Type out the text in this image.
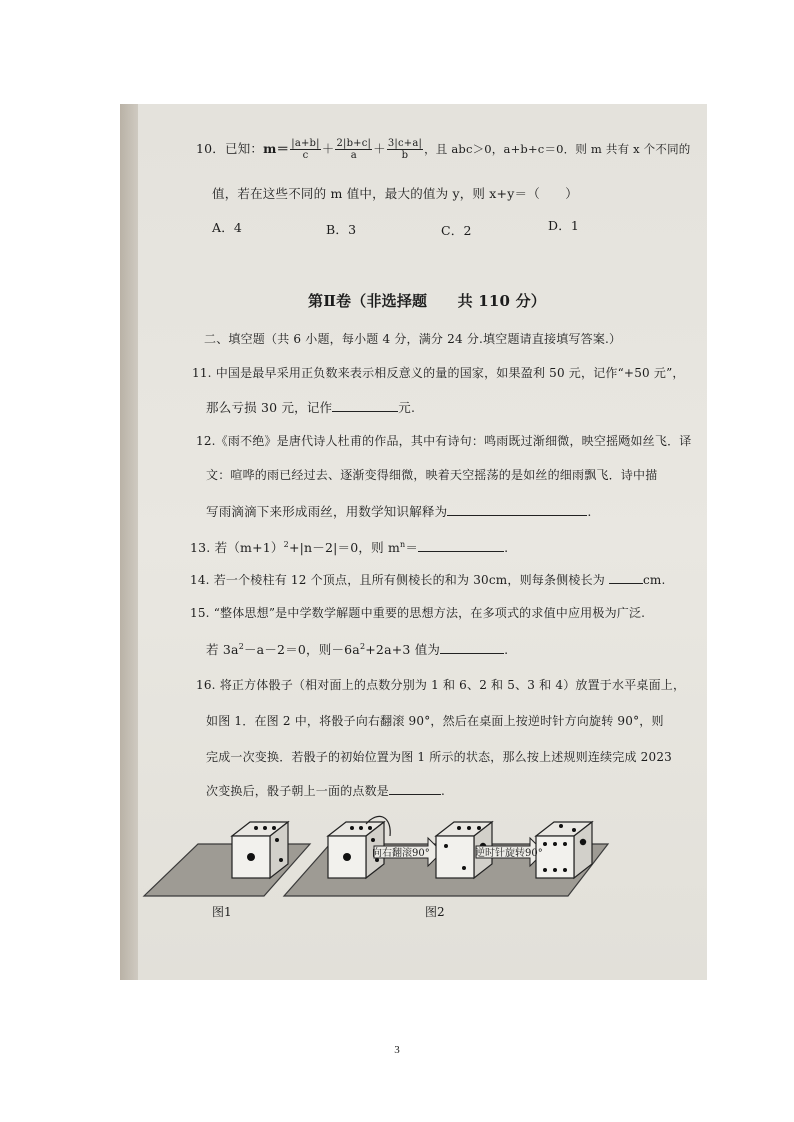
10．已知：$m= \frac{|a+b|}{c} + \frac{2|b+c|}{a} + \frac{3|c+a|}{b}$ ，且 abc＞0，a+b+c＝0．则 m 共有 x 个不同的
值，若在这些不同的 m 值中，最大的值为 y，则 x+y＝（　　）
A．4	B．3	C．2	D．1
第Ⅱ卷（非选择题　　共 110 分）
二、填空题（共 6 小题，每小题 4 分，满分 24 分.填空题请直接填写答案.）
11. 中国是最早采用正负数来表示相反意义的量的国家，如果盈利 50 元，记作“+50 元”，
那么亏损 30 元，记作	元.
12.《雨不绝》是唐代诗人杜甫的作品，其中有诗句：鸣雨既过渐细微，映空摇飏如丝飞．译
文：喧哗的雨已经过去、逐渐变得细微，映着天空摇荡的是如丝的细雨飘飞．诗中描
写雨滴滴下来形成雨丝，用数学知识解释为	.
13. 若$(m+1)^2+|n-2|=0$，则 $m^n=$	.
14. 若一个棱柱有 12 个顶点，且所有侧棱长的和为 30cm，则每条侧棱长为	cm.
15. “整体思想”是中学数学解题中重要的思想方法，在多项式的求值中应用极为广泛.
若 $3a^2-a-2=0$，则$-6a^2+2a+3$ 值为	.
16. 将正方体骰子（相对面上的点数分别为 1 和 6、2 和 5、3 和 4）放置于水平桌面上，
如图 1．在图 2 中，将骰子向右翻滚 90°，然后在桌面上按逆时针方向旋转 90°，则
完成一次变换．若骰子的初始位置为图 1 所示的状态，那么按上述规则连续完成 2023
次变换后，骰子朝上一面的点数是	.
向右翻滚90°	逆时针旋转90°
图1	图2
3
